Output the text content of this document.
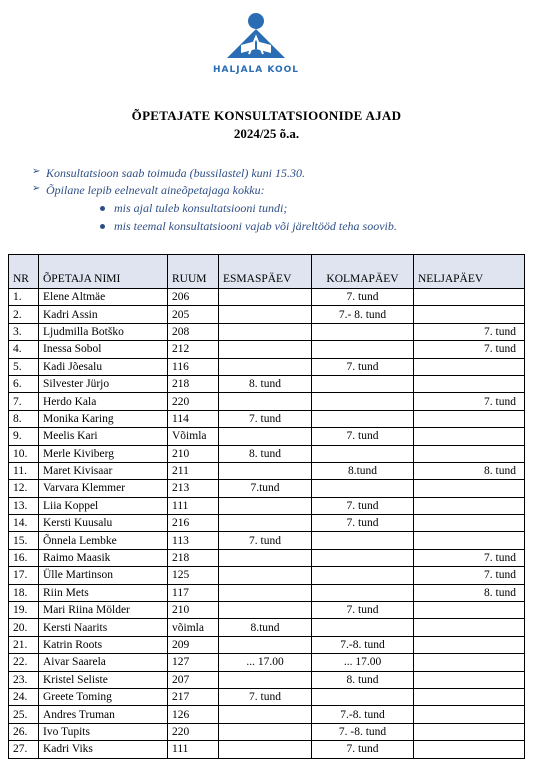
HALJALA KOOL
ÕPETAJATE KONSULTATSIOONIDE AJAD
2024/25 õ.a.
➢ Konsultatsioon saab toimuda (bussilastel) kuni 15.30.
➢ Õpilane lepib eelnevalt aineõpetajaga kokku:
mis ajal tuleb konsultatsiooni tundi;
mis teemal konsultatsiooni vajab või järeltööd teha soovib.
NR	ÕPETAJA NIMI	RUUM	ESMASPÄEV	KOLMAPÄEV	NELJAPÄEV
1.	Elene Altmäe	206		7. tund	
2.	Kadri Assin	205		7.- 8. tund	
3.	Ljudmilla Botško	208			7. tund
4.	Inessa Sobol	212			7. tund
5.	Kadi Jõesalu	116		7. tund	
6.	Silvester Jürjo	218	8. tund		
7.	Herdo Kala	220			7. tund
8.	Monika Karing	114	7. tund		
9.	Meelis Kari	Võimla		7. tund	
10.	Merle Kiviberg	210	8. tund		
11.	Maret Kivisaar	211		8.tund	8. tund
12.	Varvara Klemmer	213	7.tund		
13.	Liia Koppel	111		7. tund	
14.	Kersti Kuusalu	216		7. tund	
15.	Õnnela Lembke	113	7. tund		
16.	Raimo Maasik	218			7. tund
17.	Ülle Martinson	125			7. tund
18.	Riin Mets	117			8. tund
19.	Mari Riina Mölder	210		7. tund	
20.	Kersti Naarits	võimla	8.tund		
21.	Katrin Roots	209		7.-8. tund	
22.	Aivar Saarela	127	... 17.00	... 17.00	
23.	Kristel Seliste	207		8. tund	
24.	Greete Toming	217	7. tund		
25.	Andres Truman	126		7.-8. tund	
26.	Ivo Tupits	220		7. -8. tund	
27.	Kadri Viks	111		7. tund	
